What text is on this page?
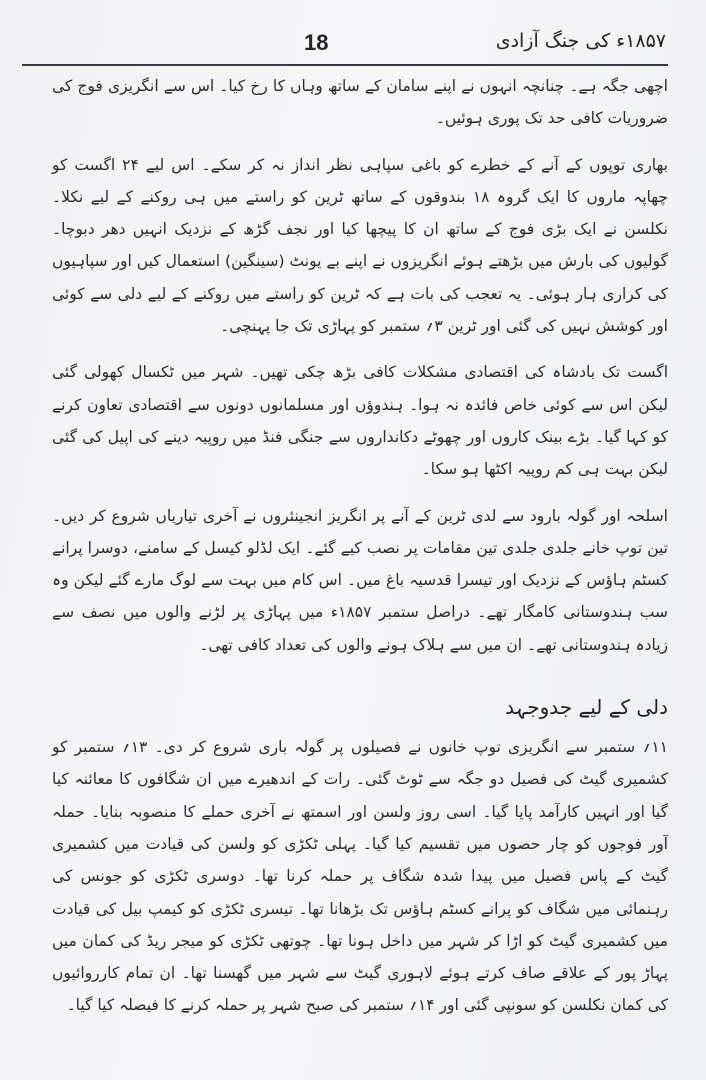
18	۱۸۵۷ء کی جنگ آزادی

اچھی جگہ ہے۔ چنانچہ انہوں نے اپنے سامان کے ساتھ وہاں کا رخ کیا۔ اس سے انگریزی فوج کی ضروریات کافی حد تک پوری ہوئیں۔

بھاری توپوں کے آنے کے خطرے کو باغی سپاہی نظر انداز نہ کر سکے۔ اس لیے ۲۴ اگست کو چھاپہ ماروں کا ایک گروہ ۱۸ بندوقوں کے ساتھ ٹرین کو راستے میں ہی روکنے کے لیے نکلا۔ نکلسن نے ایک بڑی فوج کے ساتھ ان کا پیچھا کیا اور نجف گڑھ کے نزدیک انہیں دھر دبوچا۔ گولیوں کی بارش میں بڑھتے ہوئے انگریزوں نے اپنے بے یونٹ (سینگین) استعمال کیں اور سپاہیوں کی کراری ہار ہوئی۔ یہ تعجب کی بات ہے کہ ٹرین کو راستے میں روکنے کے لیے دلی سے کوئی اور کوشش نہیں کی گئی اور ٹرین ۳؍ ستمبر کو پہاڑی تک جا پہنچی۔

اگست تک بادشاہ کی اقتصادی مشکلات کافی بڑھ چکی تھیں۔ شہر میں ٹکسال کھولی گئی لیکن اس سے کوئی خاص فائدہ نہ ہوا۔ ہندوؤں اور مسلمانوں دونوں سے اقتصادی تعاون کرنے کو کہا گیا۔ بڑے بینک کاروں اور چھوٹے دکانداروں سے جنگی فنڈ میں روپیہ دینے کی اپیل کی گئی لیکن بہت ہی کم روپیہ اکٹھا ہو سکا۔

اسلحہ اور گولہ بارود سے لدی ٹرین کے آنے پر انگریز انجینئروں نے آخری تیاریاں شروع کر دیں۔ تین توپ خانے جلدی جلدی تین مقامات پر نصب کیے گئے۔ ایک لڈلو کیسل کے سامنے، دوسرا پرانے کسٹم ہاؤس کے نزدیک اور تیسرا قدسیہ باغ میں۔ اس کام میں بہت سے لوگ مارے گئے لیکن وہ سب ہندوستانی کامگار تھے۔ دراصل ستمبر ۱۸۵۷ء میں پہاڑی پر لڑنے والوں میں نصف سے زیادہ ہندوستانی تھے۔ ان میں سے ہلاک ہونے والوں کی تعداد کافی تھی۔

دلی کے لیے جدوجہد

۱۱؍ ستمبر سے انگریزی توپ خانوں نے فصیلوں پر گولہ باری شروع کر دی۔ ۱۳؍ ستمبر کو کشمیری گیٹ کی فصیل دو جگہ سے ٹوٹ گئی۔ رات کے اندھیرے میں ان شگافوں کا معائنہ کیا گیا اور انہیں کارآمد پایا گیا۔ اسی روز ولسن اور اسمتھ نے آخری حملے کا منصوبہ بنایا۔ حملہ آور فوجوں کو چار حصوں میں تقسیم کیا گیا۔ پہلی ٹکڑی کو ولسن کی قیادت میں کشمیری گیٹ کے پاس فصیل میں پیدا شدہ شگاف پر حملہ کرنا تھا۔ دوسری ٹکڑی کو جونس کی رہنمائی میں شگاف کو پرانے کسٹم ہاؤس تک بڑھانا تھا۔ تیسری ٹکڑی کو کیمپ بیل کی قیادت میں کشمیری گیٹ کو اڑا کر شہر میں داخل ہونا تھا۔ چوتھی ٹکڑی کو میجر ریڈ کی کمان میں پہاڑ پور کے علاقے صاف کرتے ہوئے لاہوری گیٹ سے شہر میں گھسنا تھا۔ ان تمام کارروائیوں کی کمان نکلسن کو سونپی گئی اور ۱۴؍ ستمبر کی صبح شہر پر حملہ کرنے کا فیصلہ کیا گیا۔
